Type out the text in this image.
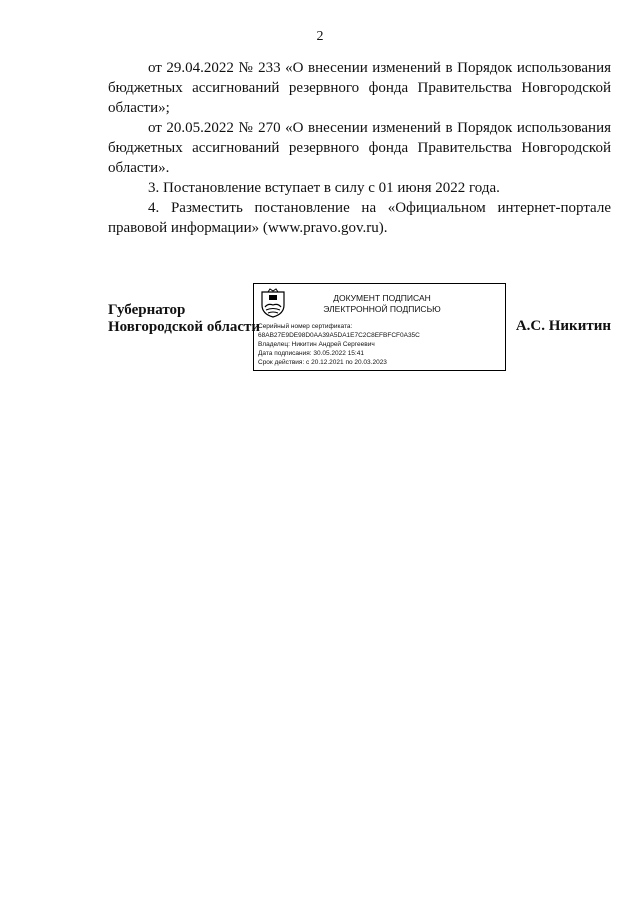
2

от 29.04.2022 № 233 «О внесении изменений в Порядок использования бюджетных ассигнований резервного фонда Правительства Новгородской области»;

от 20.05.2022 № 270 «О внесении изменений в Порядок использования бюджетных ассигнований резервного фонда Правительства Новгородской области».

3. Постановление вступает в силу с 01 июня 2022 года.

4. Разместить постановление на «Официальном интернет-портале правовой информации» (www.pravo.gov.ru).

Губернатор
Новгородской области
ДОКУМЕНТ ПОДПИСАН
ЭЛЕКТРОННОЙ ПОДПИСЬЮ
Серийный номер сертификата:
68AB27E9DE98D0AA39A5DA1E7C2C8EFBFCF0A35C
Владелец: Никитин Андрей Сергеевич
Дата подписания: 30.05.2022 15:41
Срок действия: с 20.12.2021 по 20.03.2023
А.С. Никитин
